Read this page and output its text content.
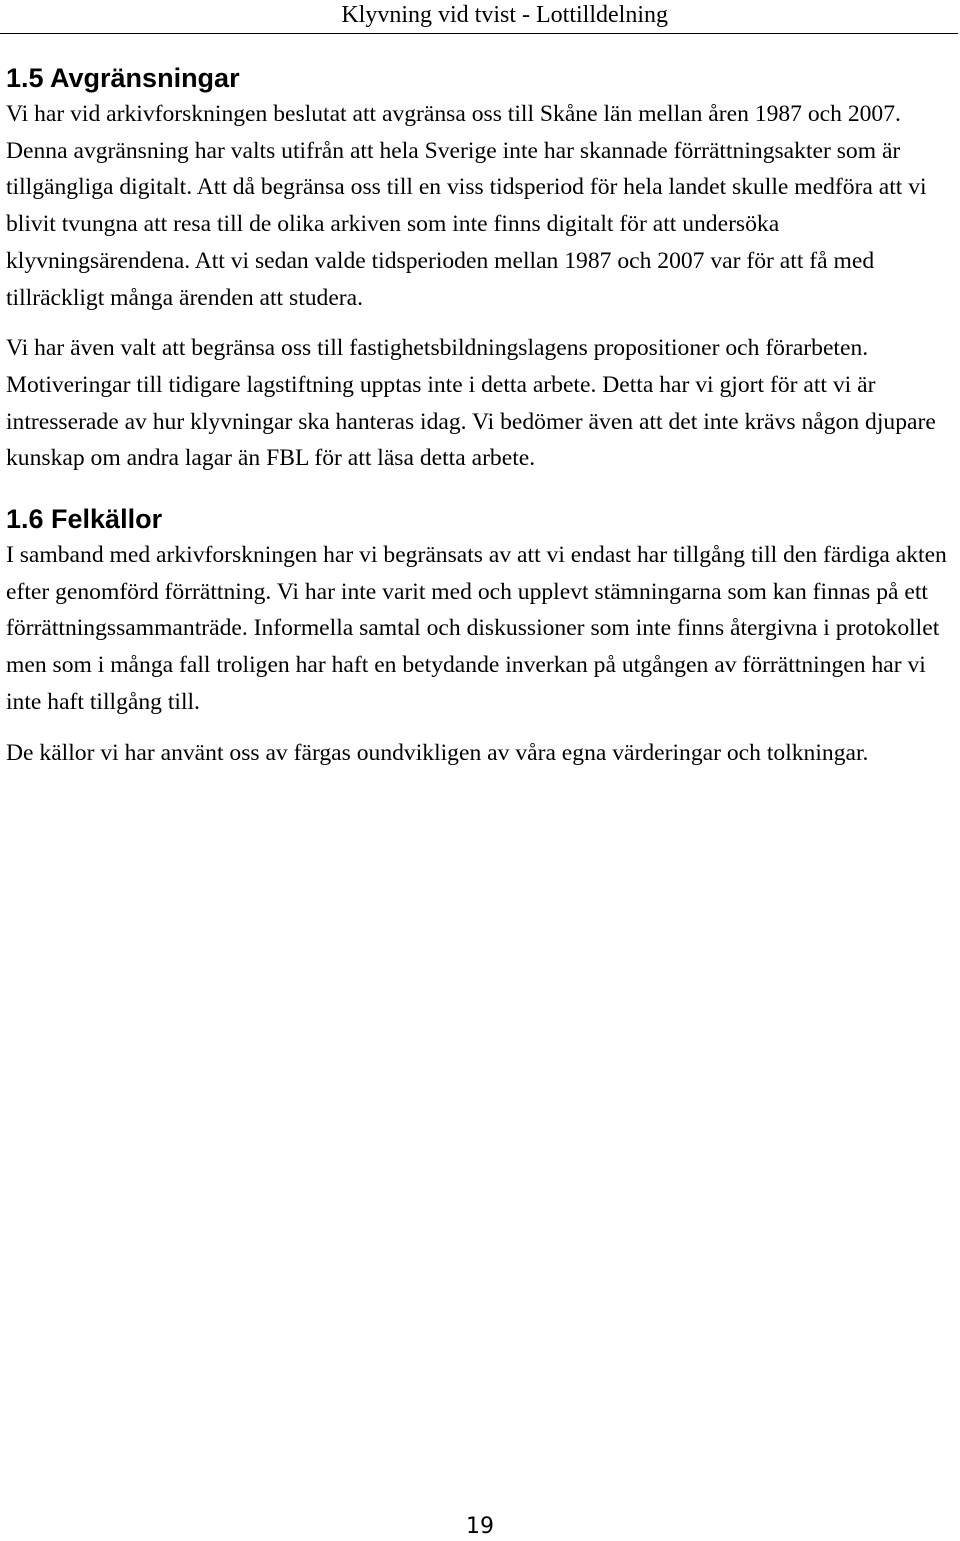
Klyvning vid tvist - Lottilldelning
1.5 Avgränsningar

Vi har vid arkivforskningen beslutat att avgränsa oss till Skåne län mellan åren 1987 och 2007. Denna avgränsning har valts utifrån att hela Sverige inte har skannade förrättningsakter som är tillgängliga digitalt. Att då begränsa oss till en viss tidsperiod för hela landet skulle medföra att vi blivit tvungna att resa till de olika arkiven som inte finns digitalt för att undersöka klyvningsärendena. Att vi sedan valde tidsperioden mellan 1987 och 2007 var för att få med tillräckligt många ärenden att studera.

Vi har även valt att begränsa oss till fastighetsbildningslagens propositioner och förarbeten. Motiveringar till tidigare lagstiftning upptas inte i detta arbete. Detta har vi gjort för att vi är intresserade av hur klyvningar ska hanteras idag. Vi bedömer även att det inte krävs någon djupare kunskap om andra lagar än FBL för att läsa detta arbete.

1.6 Felkällor

I samband med arkivforskningen har vi begränsats av att vi endast har tillgång till den färdiga akten efter genomförd förrättning. Vi har inte varit med och upplevt stämningarna som kan finnas på ett förrättningssammanträde. Informella samtal och diskussioner som inte finns återgivna i protokollet men som i många fall troligen har haft en betydande inverkan på utgången av förrättningen har vi inte haft tillgång till.

De källor vi har använt oss av färgas oundvikligen av våra egna värderingar och tolkningar.

19
